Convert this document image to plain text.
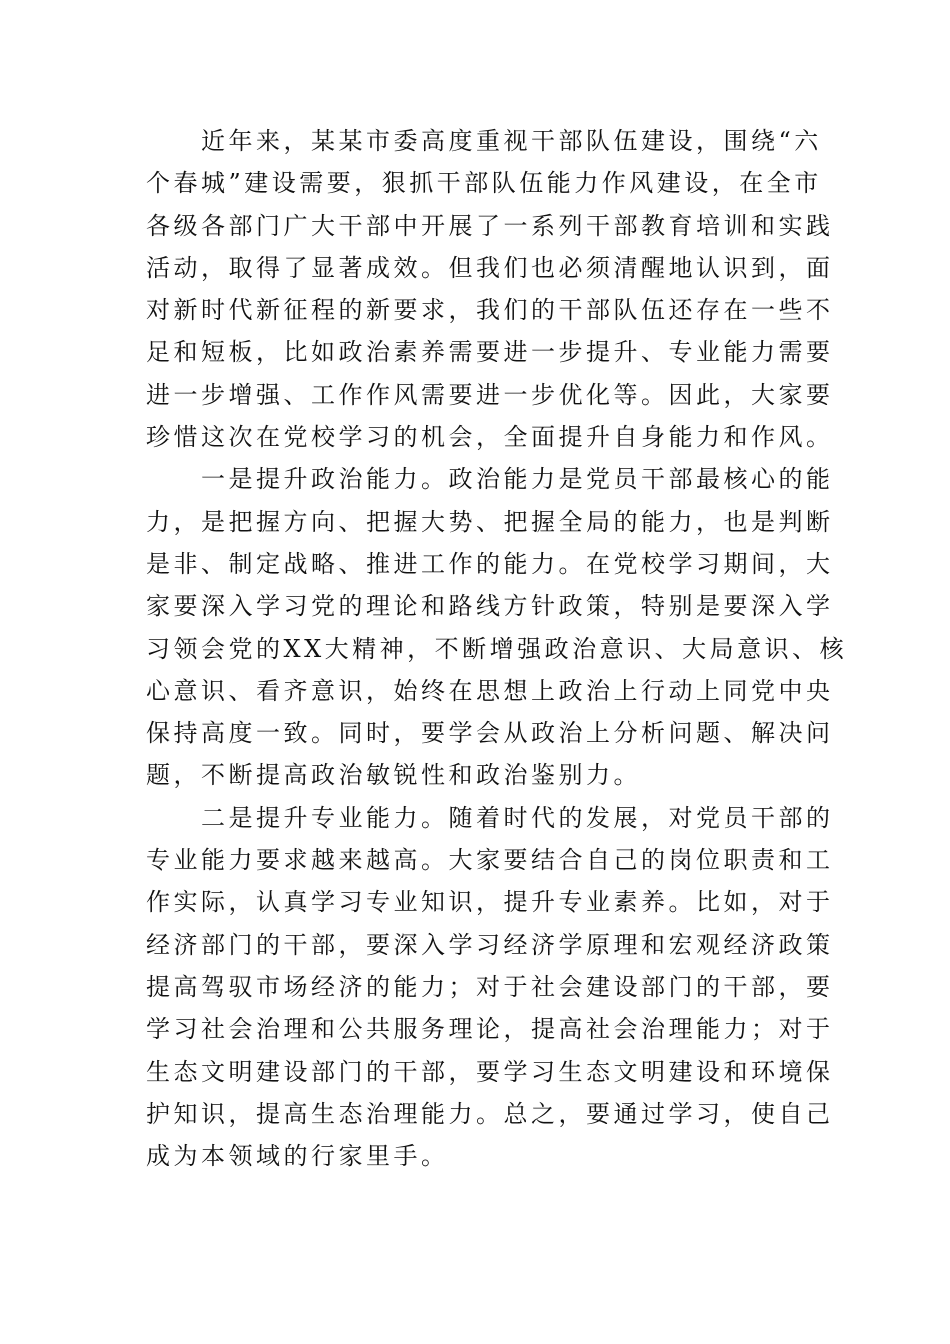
　　近年来，某某市委高度重视干部队伍建设，围绕“六
个春城”建设需要，狠抓干部队伍能力作风建设，在全市
各级各部门广大干部中开展了一系列干部教育培训和实践
活动，取得了显著成效。但我们也必须清醒地认识到，面
对新时代新征程的新要求，我们的干部队伍还存在一些不
足和短板，比如政治素养需要进一步提升、专业能力需要
进一步增强、工作作风需要进一步优化等。因此，大家要
珍惜这次在党校学习的机会，全面提升自身能力和作风。
　　一是提升政治能力。政治能力是党员干部最核心的能
力，是把握方向、把握大势、把握全局的能力，也是判断
是非、制定战略、推进工作的能力。在党校学习期间，大
家要深入学习党的理论和路线方针政策，特别是要深入学
习领会党的XX大精神，不断增强政治意识、大局意识、核
心意识、看齐意识，始终在思想上政治上行动上同党中央
保持高度一致。同时，要学会从政治上分析问题、解决问
题，不断提高政治敏锐性和政治鉴别力。
　　二是提升专业能力。随着时代的发展，对党员干部的
专业能力要求越来越高。大家要结合自己的岗位职责和工
作实际，认真学习专业知识，提升专业素养。比如，对于
经济部门的干部，要深入学习经济学原理和宏观经济政策
提高驾驭市场经济的能力；对于社会建设部门的干部，要
学习社会治理和公共服务理论，提高社会治理能力；对于
生态文明建设部门的干部，要学习生态文明建设和环境保
护知识，提高生态治理能力。总之，要通过学习，使自己
成为本领域的行家里手。
